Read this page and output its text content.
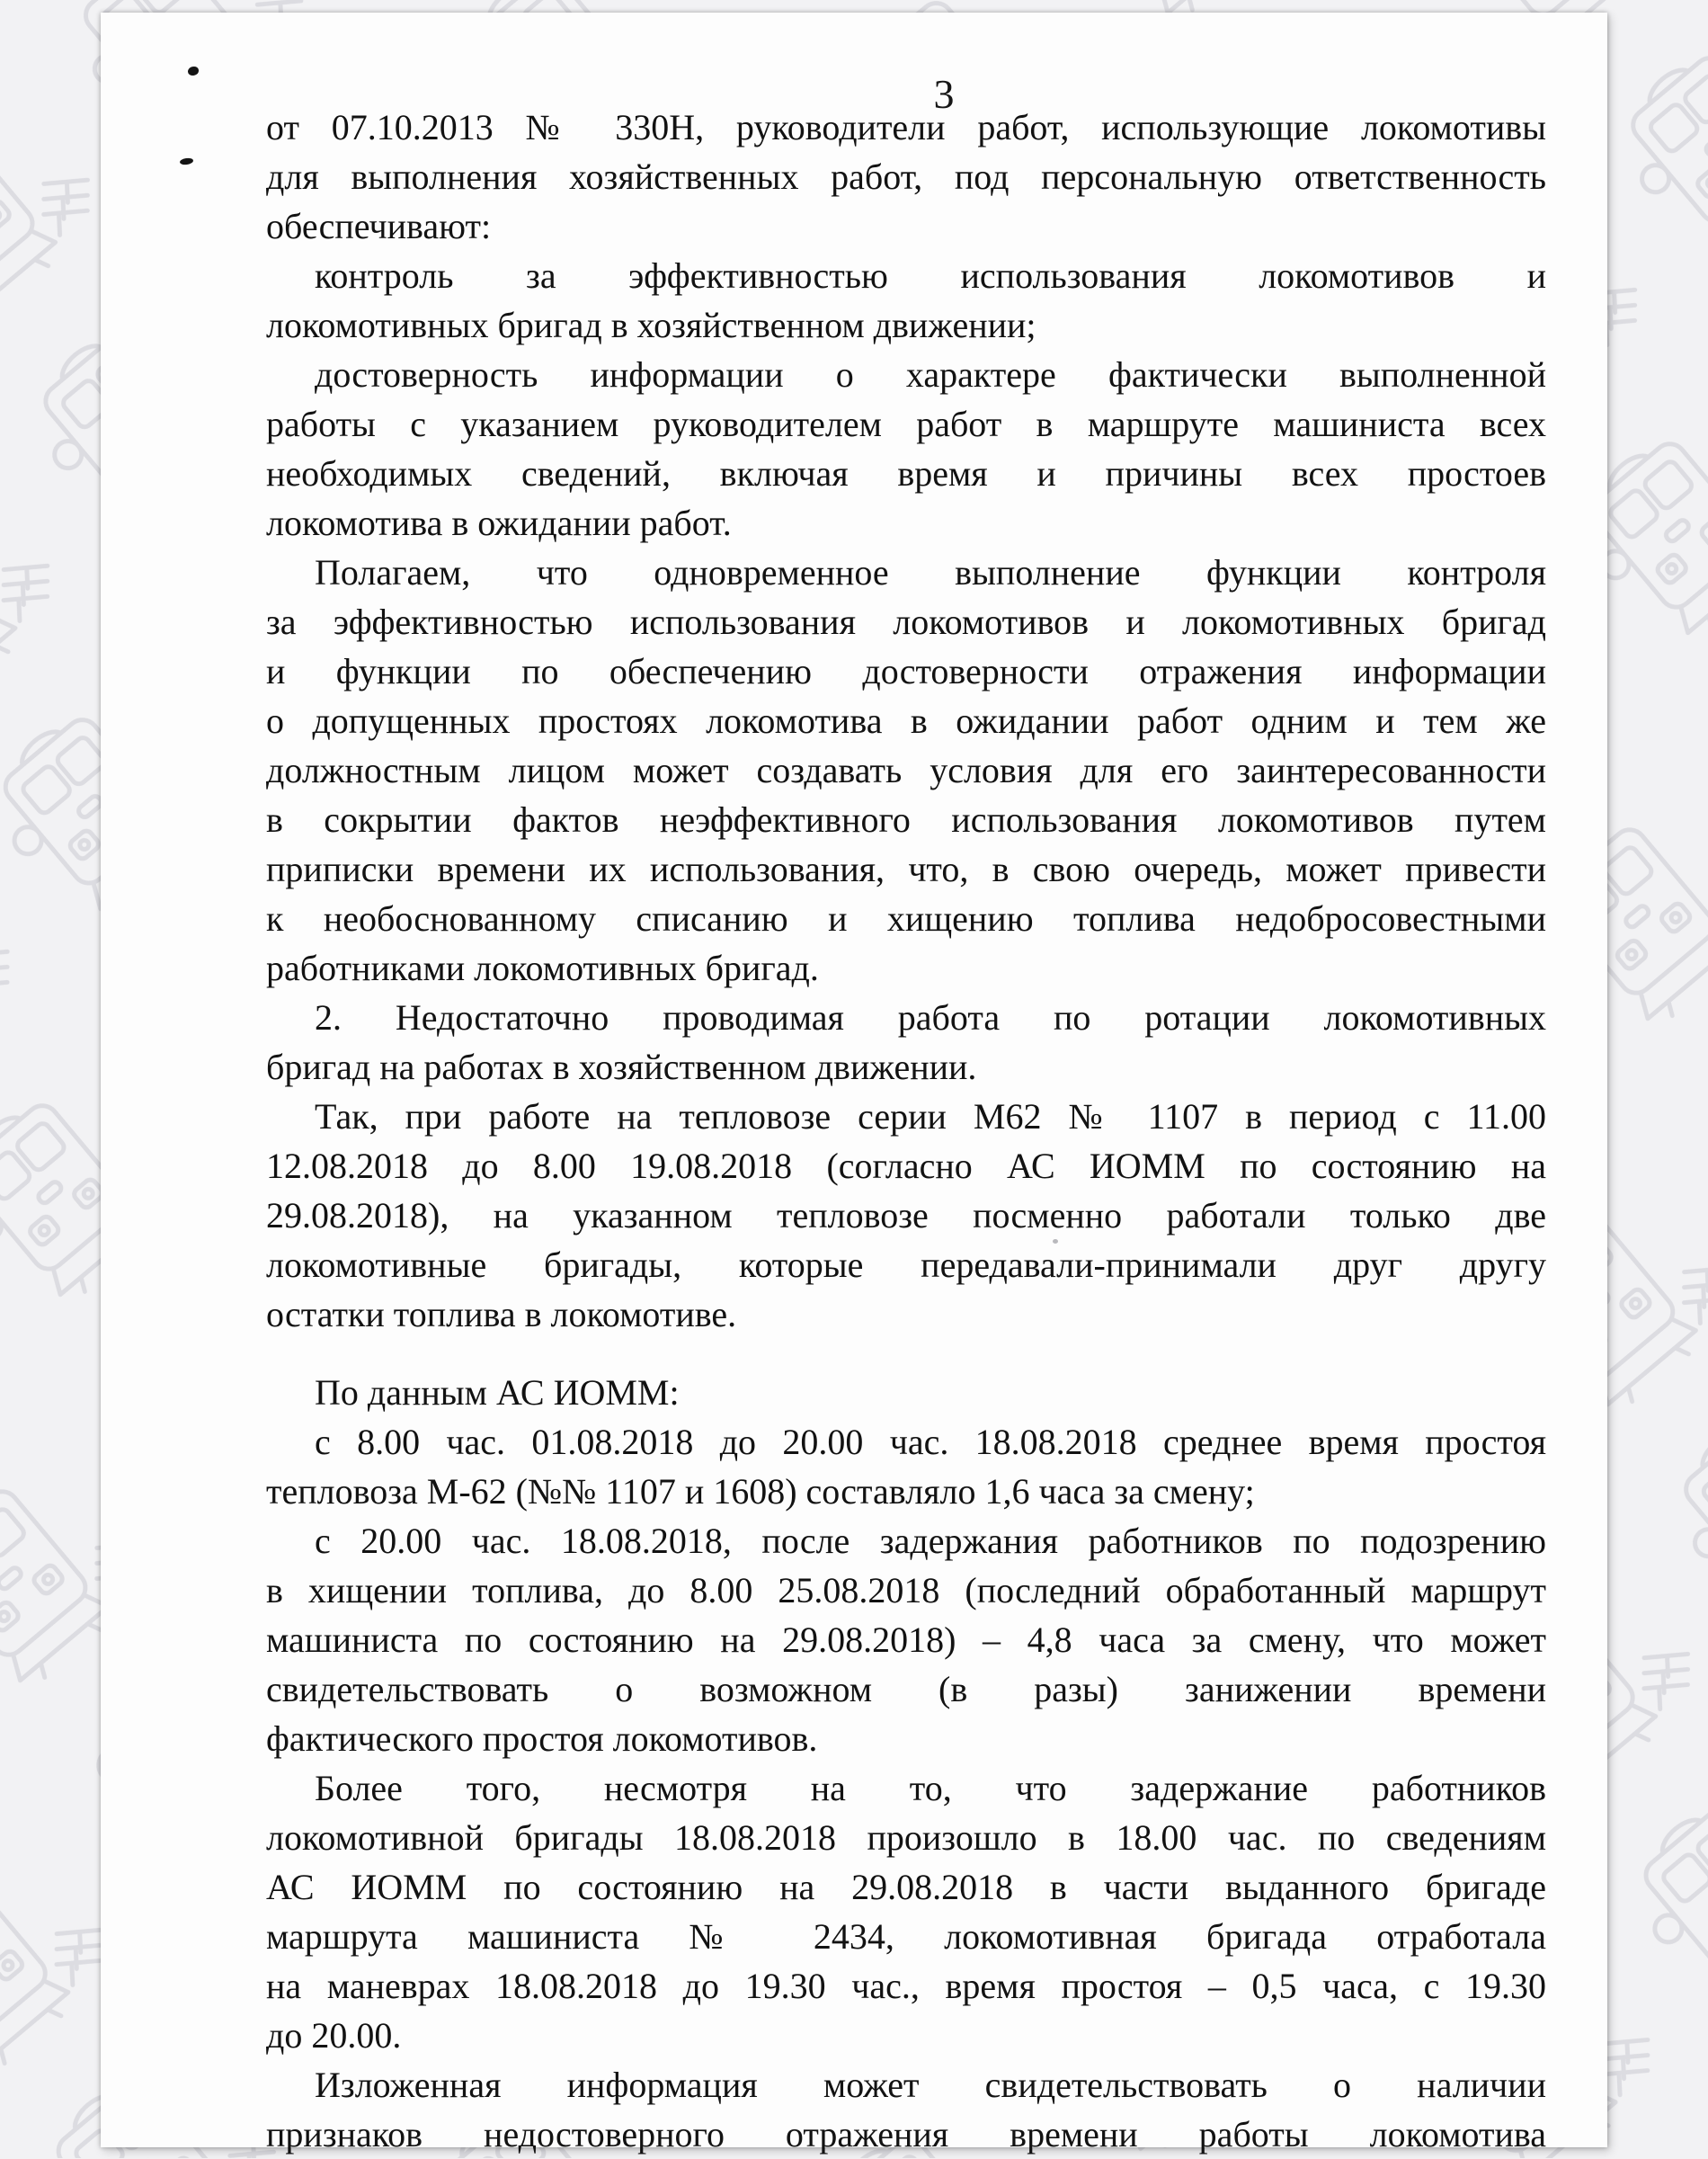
3
от 07.10.2013 № 330Н, руководители работ, использующие локомотивы
для выполнения хозяйственных работ, под персональную ответственность
обеспечивают:
контроль за эффективностью использования локомотивов и
локомотивных бригад в хозяйственном движении;
достоверность информации о характере фактически выполненной
работы с указанием руководителем работ в маршруте машиниста всех
необходимых сведений, включая время и причины всех простоев
локомотива в ожидании работ.
Полагаем, что одновременное выполнение функции контроля
за эффективностью использования локомотивов и локомотивных бригад
и функции по обеспечению достоверности отражения информации
о допущенных простоях локомотива в ожидании работ одним и тем же
должностным лицом может создавать условия для его заинтересованности
в сокрытии фактов неэффективного использования локомотивов путем
приписки времени их использования, что, в свою очередь, может привести
к необоснованному списанию и хищению топлива недобросовестными
работниками локомотивных бригад.
2. Недостаточно проводимая работа по ротации локомотивных
бригад на работах в хозяйственном движении.
Так, при работе на тепловозе серии М62 № 1107 в период с 11.00
12.08.2018 до 8.00 19.08.2018 (согласно АС ИОММ по состоянию на
29.08.2018), на указанном тепловозе посменно работали только две
локомотивные бригады, которые передавали-принимали друг другу
остатки топлива в локомотиве.
По данным АС ИОММ:
с 8.00 час. 01.08.2018 до 20.00 час. 18.08.2018 среднее время простоя
тепловоза М-62 (№№ 1107 и 1608) составляло 1,6 часа за смену;
с 20.00 час. 18.08.2018, после задержания работников по подозрению
в хищении топлива, до 8.00 25.08.2018 (последний обработанный маршрут
машиниста по состоянию на 29.08.2018) – 4,8 часа за смену, что может
свидетельствовать о возможном (в разы) занижении времени
фактического простоя локомотивов.
Более того, несмотря на то, что задержание работников
локомотивной бригады 18.08.2018 произошло в 18.00 час. по сведениям
АС ИОММ по состоянию на 29.08.2018 в части выданного бригаде
маршрута машиниста № 2434, локомотивная бригада отработала
на маневрах 18.08.2018 до 19.30 час., время простоя – 0,5 часа, с 19.30
до 20.00.
Изложенная информация может свидетельствовать о наличии
признаков недостоверного отражения времени работы локомотива
